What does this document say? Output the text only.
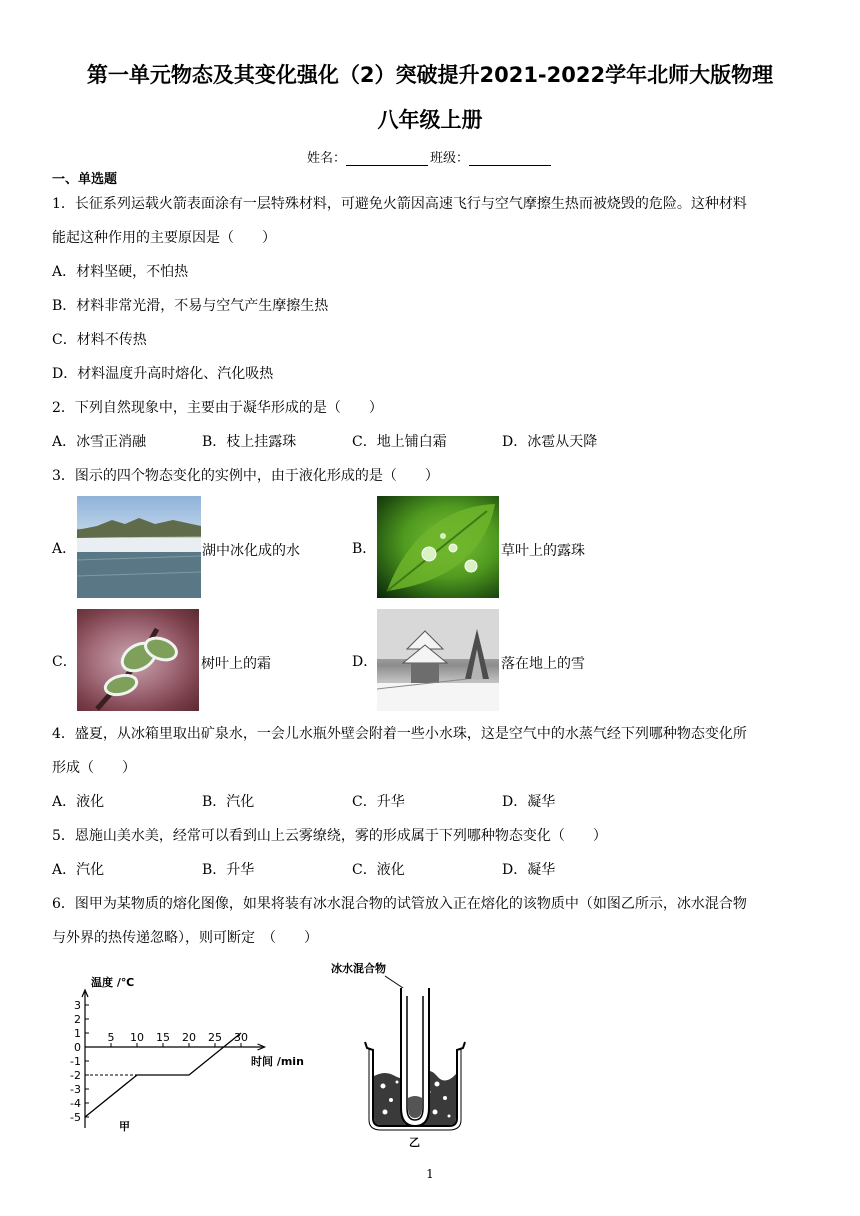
第一单元物态及其变化强化（2）突破提升2021-2022学年北师大版物理
八年级上册
姓名：	班级：
一、单选题
1．长征系列运载火箭表面涂有一层特殊材料，可避免火箭因高速飞行与空气摩擦生热而被烧毁的危险。这种材料
能起这种作用的主要原因是（　　）
A．材料坚硬，不怕热
B．材料非常光滑，不易与空气产生摩擦生热
C．材料不传热
D．材料温度升高时熔化、汽化吸热
2．下列自然现象中，主要由于凝华形成的是（　　）
A．冰雪正消融	B．枝上挂露珠	C．地上铺白霜	D．冰雹从天降
3．图示的四个物态变化的实例中，由于液化形成的是（　　）
A．	湖中冰化成的水	B．	草叶上的露珠
C．	树叶上的霜	D．	落在地上的雪
4．盛夏，从冰箱里取出矿泉水，一会儿水瓶外壁会附着一些小水珠，这是空气中的水蒸气经下列哪种物态变化所
形成（　　）
A．液化	B．汽化	C．升华	D．凝华
5．恩施山美水美，经常可以看到山上云雾缭绕，雾的形成属于下列哪种物态变化（　　）
A．汽化	B．升华	C．液化	D．凝华
6．图甲为某物质的熔化图像，如果将装有冰水混合物的试管放入正在熔化的该物质中（如图乙所示，冰水混合物
与外界的热传递忽略），则可断定　（　　）
3
2
1
0
-1
-2
-3
-4
-5
5 10 15 20 25 30
温度 /℃
时间 /min
甲
冰水混合物
乙
1
